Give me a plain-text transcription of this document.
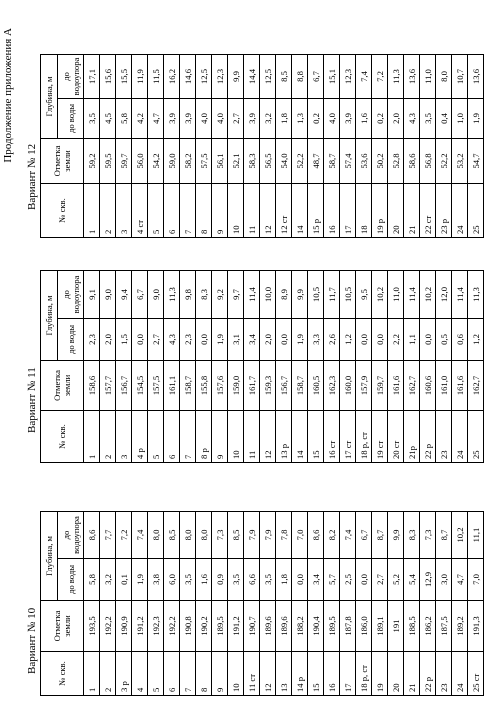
Продолжение приложения А
Вариант № 10
Вариант № 11
Вариант № 12
№ скв.	Отметка земли	Глубина, м	
		до воды	до водоупора
1	193,5	5,8	8,6
2	192,2	3,2	7,7
3 р	190,9	0,1	7,2
4	191,2	1,9	7,4
5	192,3	3,8	8,0
6	192,2	6,0	8,5
7	190,8	3,5	8,0
8	190,2	1,6	8,0
9	189,5	0,9	7,3
10	191,2	3,5	8,5
11 ст	190,7	6,6	7,9
12	189,6	3,5	7,9
13	189,6	1,8	7,8
14 р	188,2	0,0	7,0
15	190,4	3,4	8,6
16	189,5	5,7	8,2
17	187,8	2,5	7,4
18 р, ст	186,0	0,0	6,7
19	189,1	2,7	8,7
20	191	5,2	9,9
21	188,5	5,4	8,3
22 р	186,2	12,9	7,3
23	187,5	3,0	8,7
24	189,2	4,7	10,2
25 ст	191,3	7,0	11,1
№ скв.	Отметка земли	Глубина, м	
		до воды	до водоупора
1	158,6	2,3	9,1
2	157,7	2,0	9,0
3	156,7	1,5	9,4
4 р	154,5	0,0	6,7
5	157,5	2,7	9,0
6	161,1	4,3	11,3
7	158,7	2,3	9,8
8 р	155,8	0,0	8,3
9	157,6	1,9	9,2
10	159,0	3,1	9,7
11	161,7	3,4	11,4
12	159,3	2,0	10,0
13 р	156,7	0,0	8,9
14	158,7	1,9	9,9
15	160,5	3,3	10,5
16 ст	162,3	2,6	11,7
17 ст	160,0	1,2	10,5
18 р, ст	157,9	0,0	9,5
19 ст	159,7	0,0	10,2
20 ст	161,6	2,2	11,0
21р	162,7	1,1	11,4
22 р	160,6	0,0	10,2
23	161,0	0,5	12,0
24	161,6	0,6	11,4
25	162,7	1,2	11,3
№ скв.	Отметка земли	Глубина, м	
		до воды	до водоупора
1	59,2	3,5	17,1
2	59,5	4,5	15,6
3	59,7	5,8	15,5
4 ст	56,0	4,2	11,9
5	54,2	4,7	11,5
6	59,0	3,9	16,2
7	58,2	3,9	14,6
8	57,5	4,0	12,5
9	56,1	4,0	12,3
10	52,1	2,7	9,9
11	58,3	3,9	14,4
12	56,5	3,2	12,5
12 ст	54,0	1,8	8,5
14	52,2	1,3	8,8
15 р	48,7	0,2	6,7
16	58,7	4,0	15,1
17	57,4	3,9	12,3
18	53,6	1,6	7,4
19 р	50,2	0,2	7,2
20	52,8	2,0	11,3
21	58,6	4,3	13,6
22 ст	56,8	3,5	11,0
23 р	52,2	0,4	8,0
24	53,2	1,0	10,7
25	54,7	1,9	13,6
